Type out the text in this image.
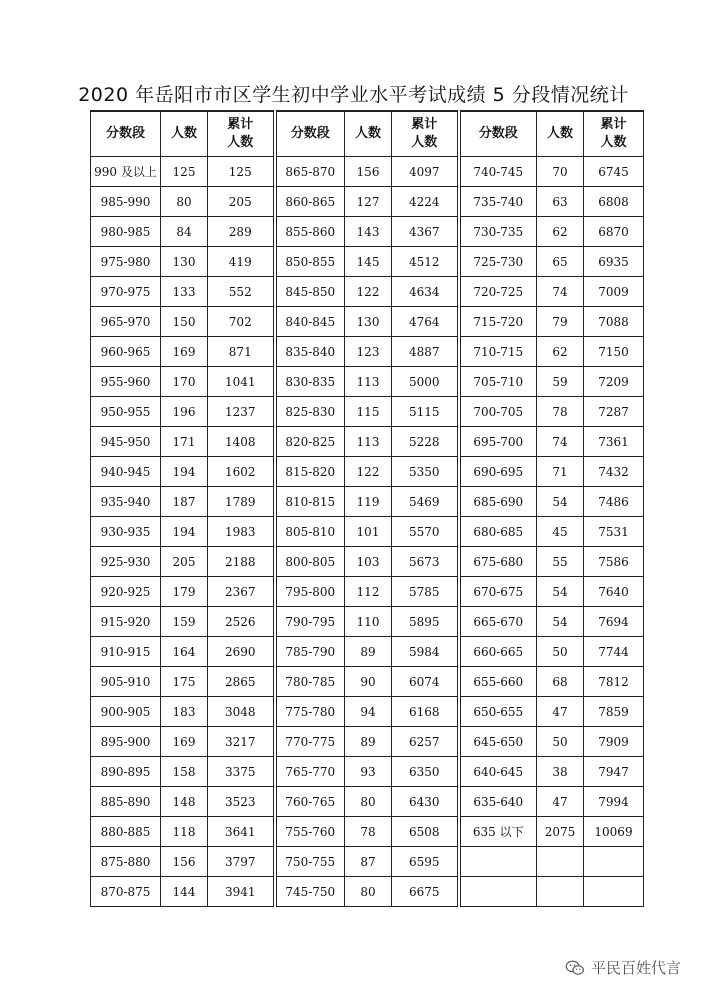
2020 年岳阳市市区学生初中学业水平考试成绩 5 分段情况统计
分数段	人数	累计人数	分数段	人数	累计人数	分数段	人数	累计人数
990 及以上	125	125	865-870	156	4097	740-745	70	6745
985-990	80	205	860-865	127	4224	735-740	63	6808
980-985	84	289	855-860	143	4367	730-735	62	6870
975-980	130	419	850-855	145	4512	725-730	65	6935
970-975	133	552	845-850	122	4634	720-725	74	7009
965-970	150	702	840-845	130	4764	715-720	79	7088
960-965	169	871	835-840	123	4887	710-715	62	7150
955-960	170	1041	830-835	113	5000	705-710	59	7209
950-955	196	1237	825-830	115	5115	700-705	78	7287
945-950	171	1408	820-825	113	5228	695-700	74	7361
940-945	194	1602	815-820	122	5350	690-695	71	7432
935-940	187	1789	810-815	119	5469	685-690	54	7486
930-935	194	1983	805-810	101	5570	680-685	45	7531
925-930	205	2188	800-805	103	5673	675-680	55	7586
920-925	179	2367	795-800	112	5785	670-675	54	7640
915-920	159	2526	790-795	110	5895	665-670	54	7694
910-915	164	2690	785-790	89	5984	660-665	50	7744
905-910	175	2865	780-785	90	6074	655-660	68	7812
900-905	183	3048	775-780	94	6168	650-655	47	7859
895-900	169	3217	770-775	89	6257	645-650	50	7909
890-895	158	3375	765-770	93	6350	640-645	38	7947
885-890	148	3523	760-765	80	6430	635-640	47	7994
880-885	118	3641	755-760	78	6508	635 以下	2075	10069
875-880	156	3797	750-755	87	6595			
870-875	144	3941	745-750	80	6675			
平民百姓代言
